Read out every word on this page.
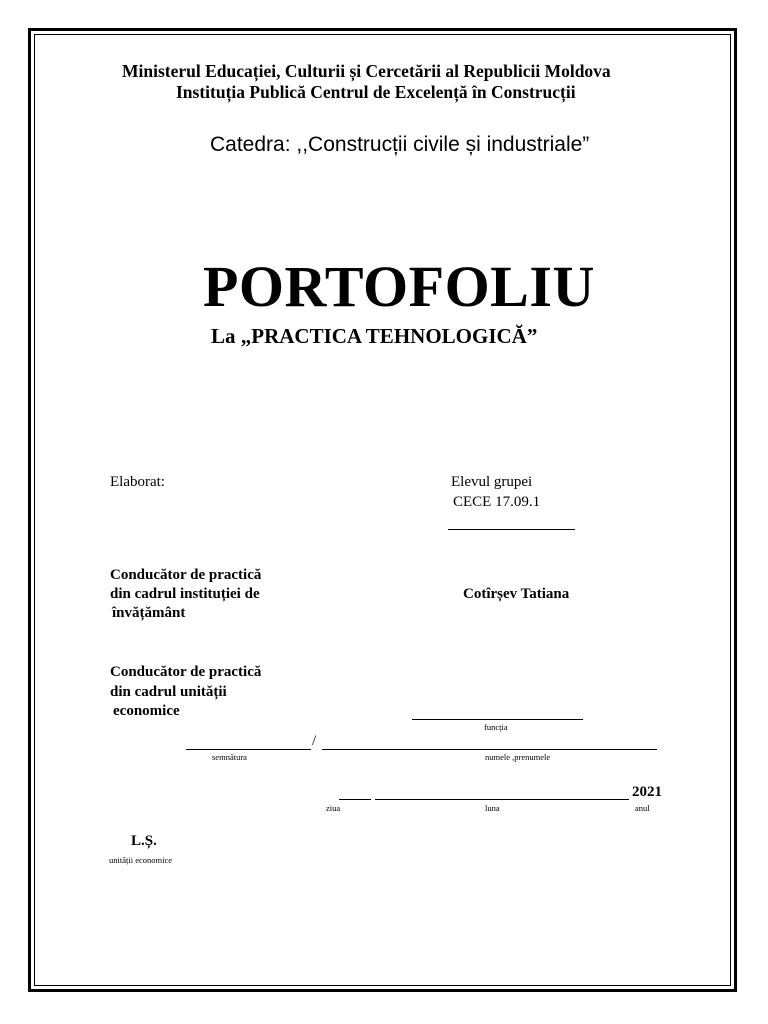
Ministerul Educației, Culturii și Cercetării al Republicii Moldova
Instituția Publică Centrul de Excelență în Construcții
Catedra: ,,Construcții civile și industriale”
PORTOFOLIU
La „PRACTICA TEHNOLOGICĂ”
Elaborat:	Elevul grupei
CECE 17.09.1
Conducător de practică
din cadrul instituției de
învățământ
Cotîrșev Tatiana
Conducător de practică
din cadrul unității
economice
funcția
/
semnătura	numele ,prenumele
2021
ziua	luna	anul
L.Ș.
unității economice
